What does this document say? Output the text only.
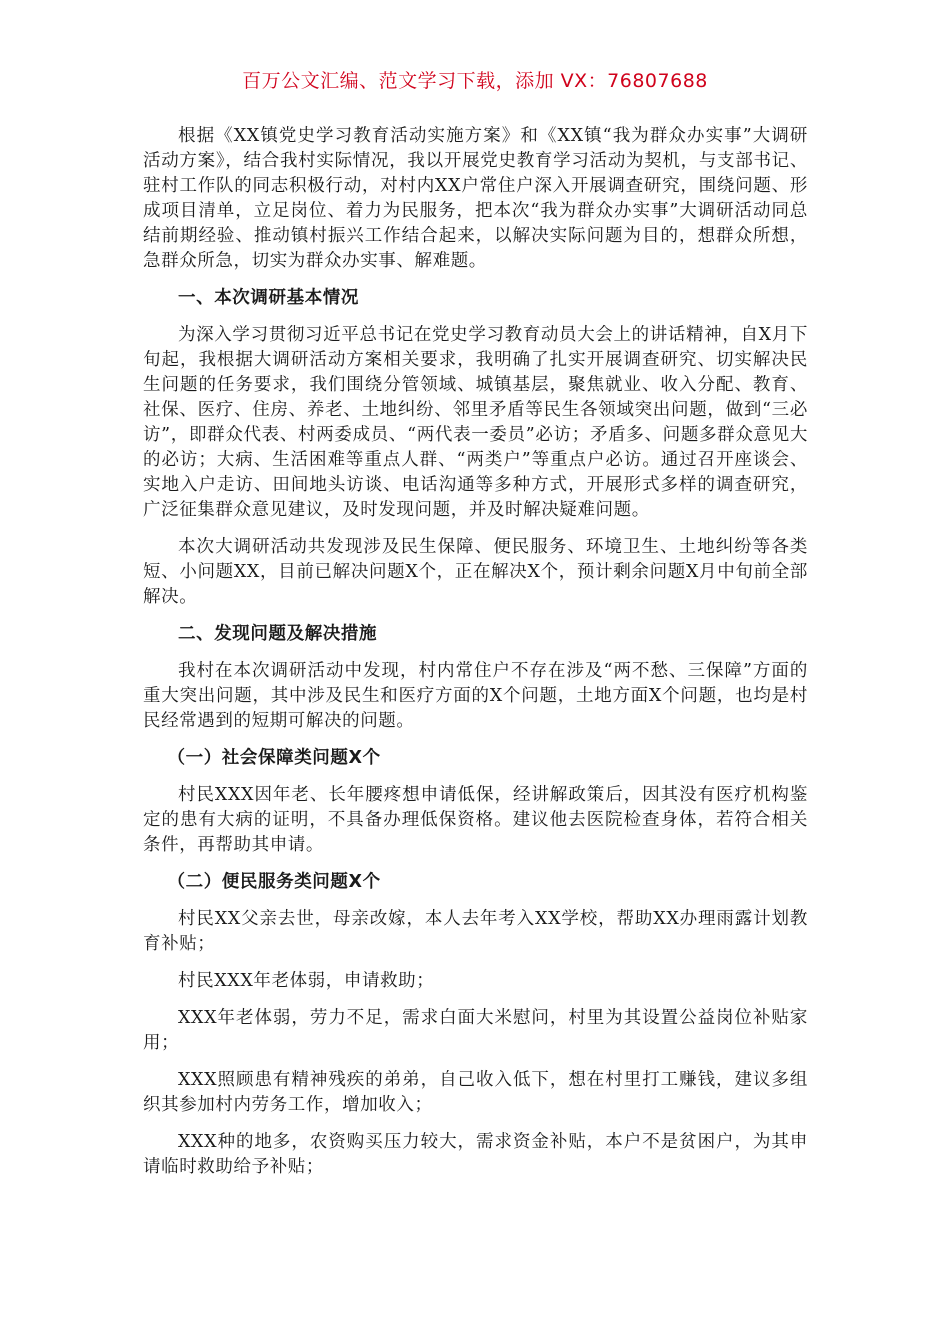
百万公文汇编、范文学习下载，添加 VX：76807688

根据《XX镇党史学习教育活动实施方案》和《XX镇“我为群众办实事”大调研活动方案》，结合我村实际情况，我以开展党史教育学习活动为契机，与支部书记、驻村工作队的同志积极行动，对村内XX户常住户深入开展调查研究，围绕问题、形成项目清单，立足岗位、着力为民服务，把本次“我为群众办实事”大调研活动同总结前期经验、推动镇村振兴工作结合起来，以解决实际问题为目的，想群众所想，急群众所急，切实为群众办实事、解难题。

一、本次调研基本情况

为深入学习贯彻习近平总书记在党史学习教育动员大会上的讲话精神，自X月下旬起，我根据大调研活动方案相关要求，我明确了扎实开展调查研究、切实解决民生问题的任务要求，我们围绕分管领域、城镇基层，聚焦就业、收入分配、教育、社保、医疗、住房、养老、土地纠纷、邻里矛盾等民生各领域突出问题，做到“三必访”，即群众代表、村两委成员、“两代表一委员”必访；矛盾多、问题多群众意见大的必访；大病、生活困难等重点人群、“两类户”等重点户必访。通过召开座谈会、实地入户走访、田间地头访谈、电话沟通等多种方式，开展形式多样的调查研究，广泛征集群众意见建议，及时发现问题，并及时解决疑难问题。

本次大调研活动共发现涉及民生保障、便民服务、环境卫生、土地纠纷等各类短、小问题XX，目前已解决问题X个，正在解决X个，预计剩余问题X月中旬前全部解决。

二、发现问题及解决措施

我村在本次调研活动中发现，村内常住户不存在涉及“两不愁、三保障”方面的重大突出问题，其中涉及民生和医疗方面的X个问题，土地方面X个问题，也均是村民经常遇到的短期可解决的问题。

（一）社会保障类问题X个

村民XXX因年老、长年腰疼想申请低保，经讲解政策后，因其没有医疗机构鉴定的患有大病的证明，不具备办理低保资格。建议他去医院检查身体，若符合相关条件，再帮助其申请。

（二）便民服务类问题X个

村民XX父亲去世，母亲改嫁，本人去年考入XX学校，帮助XX办理雨露计划教育补贴；

村民XXX年老体弱，申请救助；

XXX年老体弱，劳力不足，需求白面大米慰问，村里为其设置公益岗位补贴家用；

XXX照顾患有精神残疾的弟弟，自己收入低下，想在村里打工赚钱，建议多组织其参加村内劳务工作，增加收入；

XXX种的地多，农资购买压力较大，需求资金补贴，本户不是贫困户，为其申请临时救助给予补贴；
